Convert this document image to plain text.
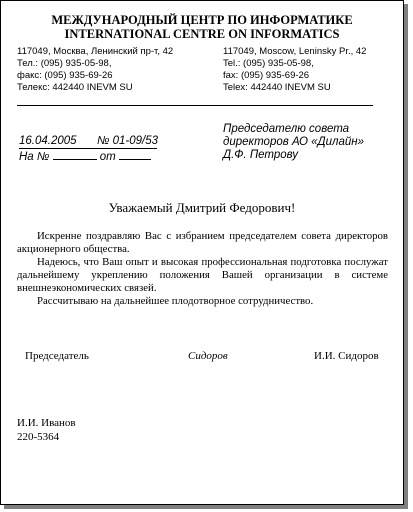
МЕЖДУНАРОДНЫЙ ЦЕНТР ПО ИНФОРМАТИКЕ
INTERNATIONAL CENTRE ON INFORMATICS
117049, Москва, Ленинский пр-т, 42
Тел.: (095) 935-05-98,
факс: (095) 935-69-26
Телекс: 442440 INEVM SU
117049, Moscow, Leninsky Pr., 42
Tel.: (095) 935-05-98,
fax: (095) 935-69-26
Telex: 442440 INEVM SU
16.04.2005 № 01-09/53
На №	от
Председателю совета
директоров АО «Дилайн»
Д.Ф. Петрову
Уважаемый Дмитрий Федорович!

Искренне поздравляю Вас с избранием председателем совета директоров акционерного общества.

Надеюсь, что Ваш опыт и высокая профессиональная подготовка послужат дальнейшему укреплению положения Вашей организации в системе внешнеэкономических связей.

Рассчитываю на дальнейшее плодотворное сотрудничество.

Председатель	Сидоров	И.И. Сидоров
И.И. Иванов
220-5364
